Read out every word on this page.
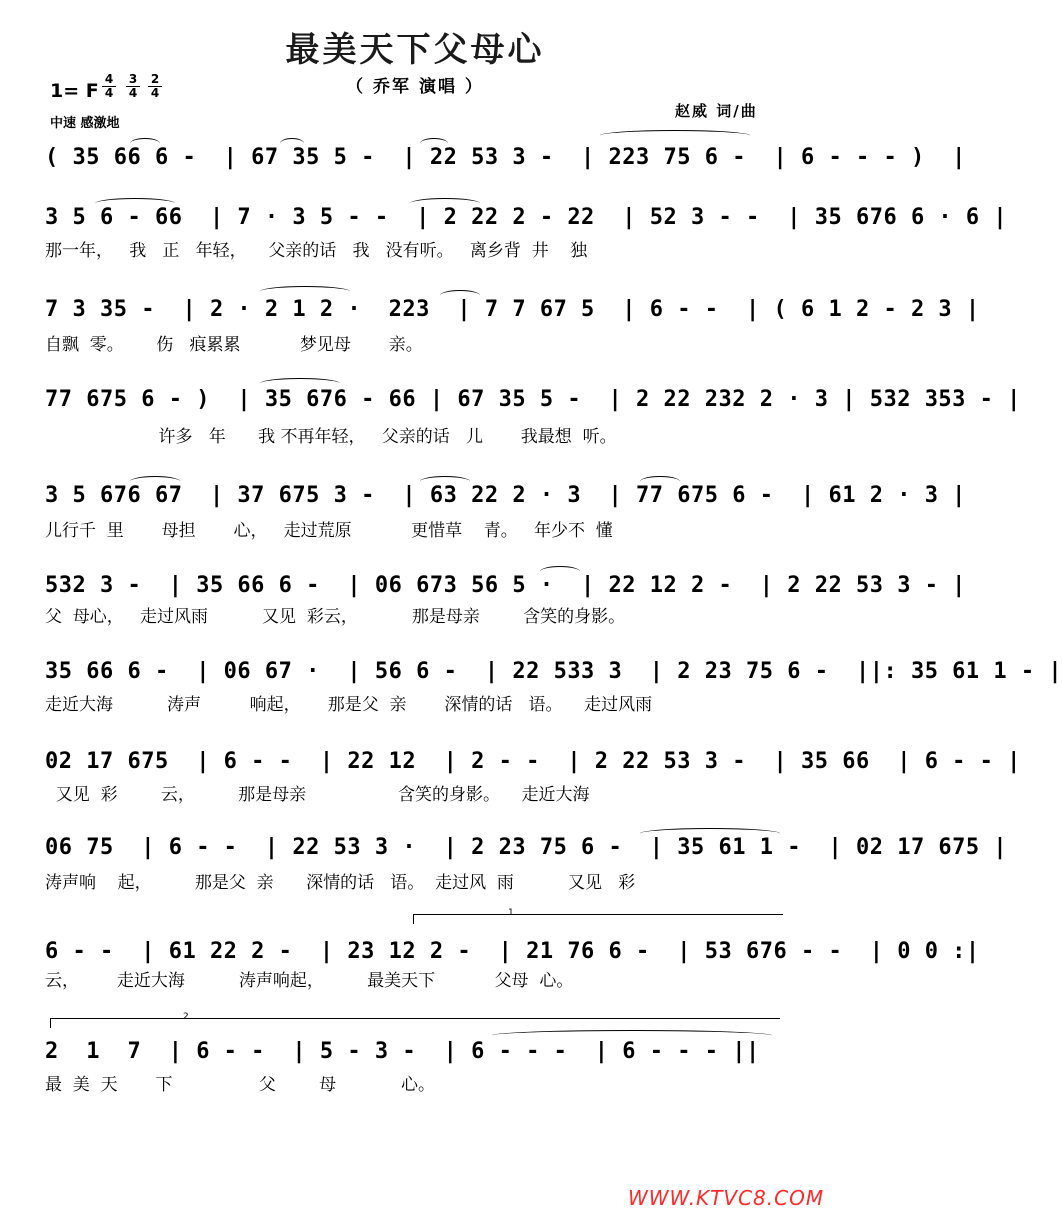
最美天下父母心
（ 乔军 演唱 ）
1= F
4
4
3
4
2
4
中速 感激地
赵威 词/曲
( 35 66 6 -  | 67 35 5 -  | 22 53 3 -  | 223 75 6 -  | 6 - - - )  |
3 5 6 - 66  | 7 · 3 5 - -  | 2 22 2 - 22  | 52 3 - -  | 35 676 6 · 6 |
那一年，   我   正   年轻，    父亲的话   我   没有听。   离乡背  井    独
7 3 35 -  | 2 · 2 1 2 ·  223  | 7 7 67 5  | 6 - -  | ( 6 1 2 - 2 3 |
自飘  零。      伤   痕累累           梦见母       亲。
77 675 6 - )  | 35 676 - 66 | 67 35 5 -  | 2 22 232 2 · 3 | 532 353 - |
许多   年      我 不再年轻，   父亲的话   儿       我最想  听。
3 5 676 67  | 37 675 3 -  | 63 22 2 · 3  | 77 675 6 -  | 61 2 · 3 |
儿行千  里       母担       心，   走过荒原           更惜草    青。   年少不  懂
532 3 -  | 35 66 6 -  | 06 673 56 5 ·  | 22 12 2 -  | 2 22 53 3 - |
父  母心，   走过风雨          又见  彩云，          那是母亲        含笑的身影。
35 66 6 -  | 06 67 ·  | 56 6 -  | 22 533 3  | 2 23 75 6 -  ||: 35 61 1 - |
走近大海          涛声         响起，     那是父  亲       深情的话   语。    走过风雨
02 17 675  | 6 - -  | 22 12  | 2 - -  | 2 22 53 3 -  | 35 66  | 6 - - |
又见  彩        云，        那是母亲                 含笑的身影。    走近大海
06 75  | 6 - -  | 22 53 3 ·  | 2 23 75 6 -  | 35 61 1 -  | 02 17 675 |
涛声响    起，        那是父  亲      深情的话   语。  走过风  雨          又见   彩
1
6 - -  | 61 22 2 -  | 23 12 2 -  | 21 76 6 -  | 53 676 - -  | 0 0 :|
云，       走近大海          涛声响起，        最美天下           父母  心。
2
2  1  7  | 6 - -  | 5 - 3 -  | 6 - - -  | 6 - - - ||
最  美  天       下                父        母            心。
WWW.KTVC8.COM
